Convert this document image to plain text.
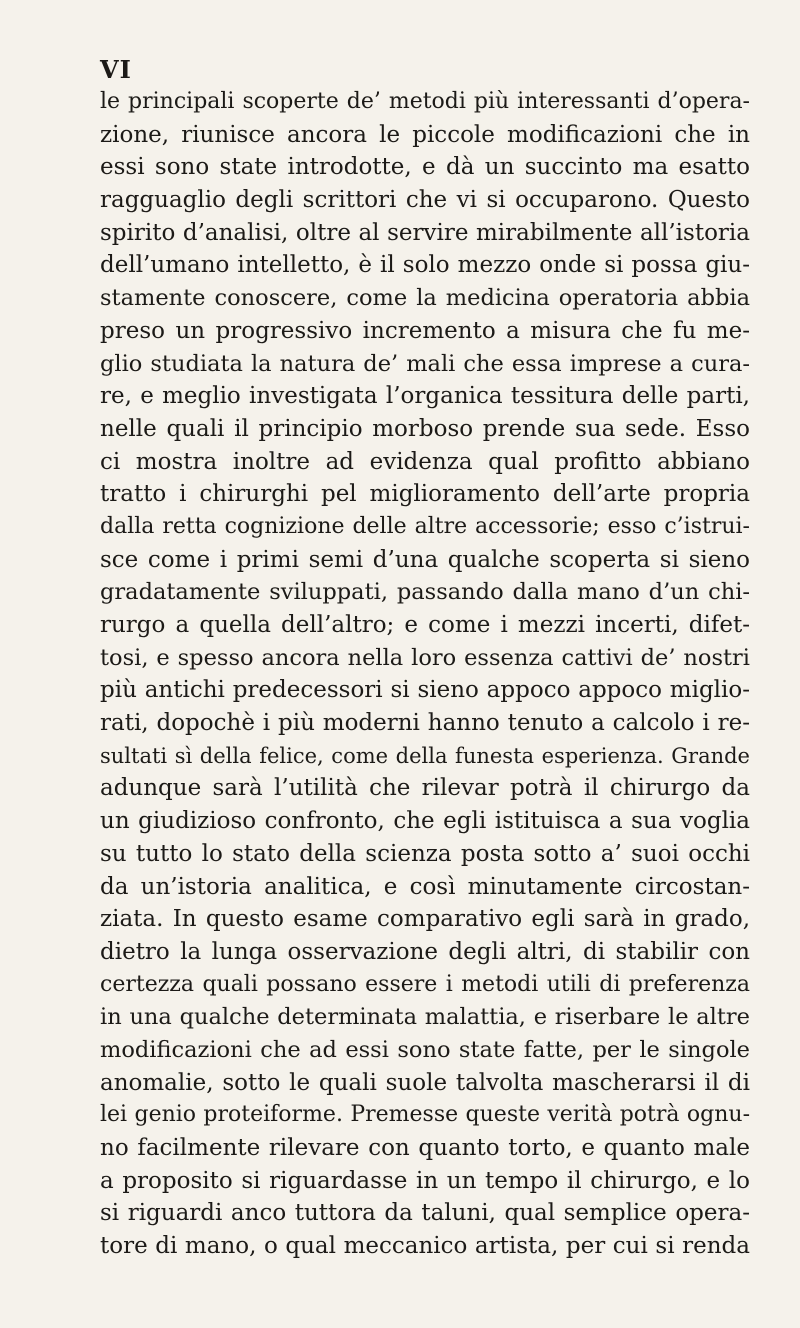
VI
le principali scoperte de’ metodi più interessanti d’opera-
zione, riunisce ancora le piccole modificazioni che in
essi sono state introdotte, e dà un succinto ma esatto
ragguaglio degli scrittori che vi si occuparono. Questo
spirito d’analisi, oltre al servire mirabilmente all’istoria
dell’umano intelletto, è il solo mezzo onde si possa giu-
stamente conoscere, come la medicina operatoria abbia
preso un progressivo incremento a misura che fu me-
glio studiata la natura de’ mali che essa imprese a cura-
re, e meglio investigata l’organica tessitura delle parti,
nelle quali il principio morboso prende sua sede. Esso
ci mostra inoltre ad evidenza qual profitto abbiano
tratto i chirurghi pel miglioramento dell’arte propria
dalla retta cognizione delle altre accessorie; esso c’istrui-
sce come i primi semi d’una qualche scoperta si sieno
gradatamente sviluppati, passando dalla mano d’un chi-
rurgo a quella dell’altro; e come i mezzi incerti, difet-
tosi, e spesso ancora nella loro essenza cattivi de’ nostri
più antichi predecessori si sieno appoco appoco miglio-
rati, dopochè i più moderni hanno tenuto a calcolo i re-
sultati sì della felice, come della funesta esperienza. Grande
adunque sarà l’utilità che rilevar potrà il chirurgo da
un giudizioso confronto, che egli istituisca a sua voglia
su tutto lo stato della scienza posta sotto a’ suoi occhi
da un’istoria analitica, e così minutamente circostan-
ziata. In questo esame comparativo egli sarà in grado,
dietro la lunga osservazione degli altri, di stabilir con
certezza quali possano essere i metodi utili di preferenza
in una qualche determinata malattia, e riserbare le altre
modificazioni che ad essi sono state fatte, per le singole
anomalie, sotto le quali suole talvolta mascherarsi il di
lei genio proteiforme. Premesse queste verità potrà ognu-
no facilmente rilevare con quanto torto, e quanto male
a proposito si riguardasse in un tempo il chirurgo, e lo
si riguardi anco tuttora da taluni, qual semplice opera-
tore di mano, o qual meccanico artista, per cui si renda
